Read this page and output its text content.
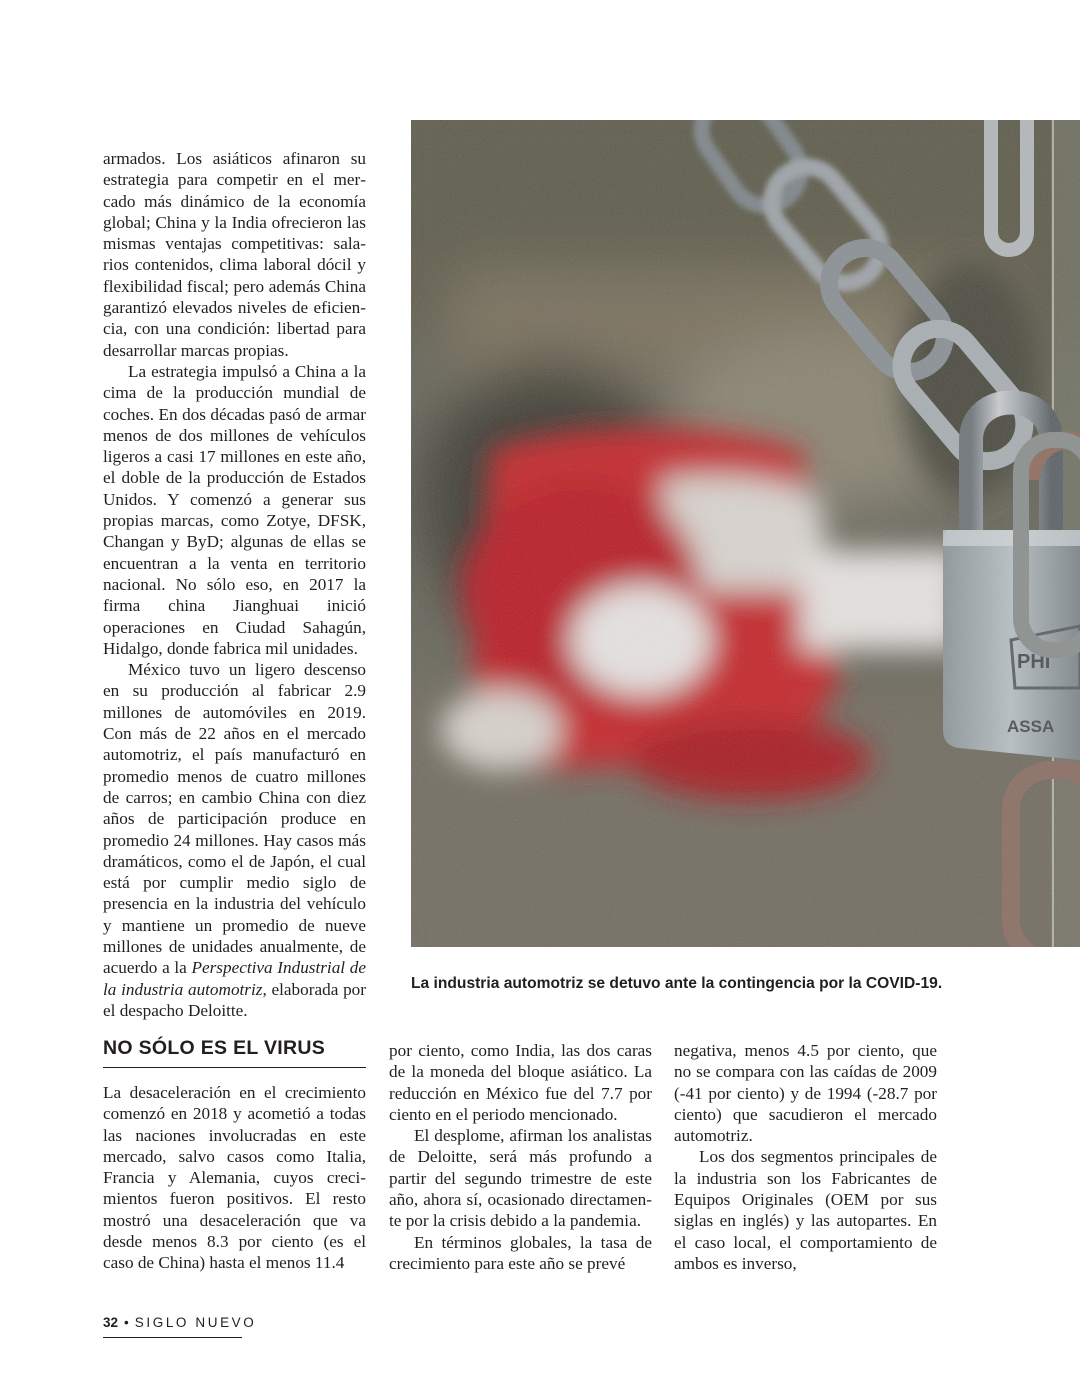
armados. Los asiáticos afinaron su estrategia para competir en el mercado más dinámico de la economía global; China y la India ofrecieron las mismas ventajas competitivas: salarios contenidos, clima laboral dócil y flexibilidad fiscal; pero además China garantizó elevados niveles de eficiencia, con una condición: libertad para desarrollar marcas propias.

La estrategia impulsó a China a la cima de la producción mundial de coches. En dos décadas pasó de armar menos de dos millones de vehículos ligeros a casi 17 millones en este año, el doble de la producción de Estados Unidos. Y comenzó a generar sus propias marcas, como Zotye, DFSK, Changan y ByD; algunas de ellas se encuentran a la venta en territorio nacional. No sólo eso, en 2017 la firma china Jianghuai inició operaciones en Ciudad Sahagún, Hidalgo, donde fabrica mil unidades.

México tuvo un ligero descenso en su producción al fabricar 2.9 millones de automóviles en 2019. Con más de 22 años en el mercado automotriz, el país manufacturó en promedio menos de cuatro millones de carros; en cambio China con diez años de participación produce en promedio 24 millones. Hay casos más dramáticos, como el de Japón, el cual está por cumplir medio siglo de presencia en la industria del vehículo y mantiene un promedio de nueve millones de unidades anualmente, de acuerdo a la Perspectiva Industrial de la industria automotriz, elaborada por el despacho Deloitte.

La industria automotriz se detuvo ante la contingencia por la COVID-19.
NO SÓLO ES EL VIRUS

La desaceleración en el crecimiento comenzó en 2018 y acometió a todas las naciones involucradas en este mercado, salvo casos como Italia, Francia y Alemania, cuyos crecimientos fueron positivos. El resto mostró una desaceleración que va desde menos 8.3 por ciento (es el caso de China) hasta el menos 11.4

por ciento, como India, las dos caras de la moneda del bloque asiático. La reducción en México fue del 7.7 por ciento en el periodo mencionado.

El desplome, afirman los analistas de Deloitte, será más profundo a partir del segundo trimestre de este año, ahora sí, ocasionado directamente por la crisis debido a la pandemia.

En términos globales, la tasa de crecimiento para este año se prevé

negativa, menos 4.5 por ciento, que no se compara con las caídas de 2009 (-41 por ciento) y de 1994 (-28.7 por ciento) que sacudieron el mercado automotriz.

Los dos segmentos principales de la industria son los Fabricantes de Equipos Originales (OEM por sus siglas en inglés) y las autopartes. En el caso local, el comportamiento de ambos es inverso,

32 • SIGLO NUEVO
